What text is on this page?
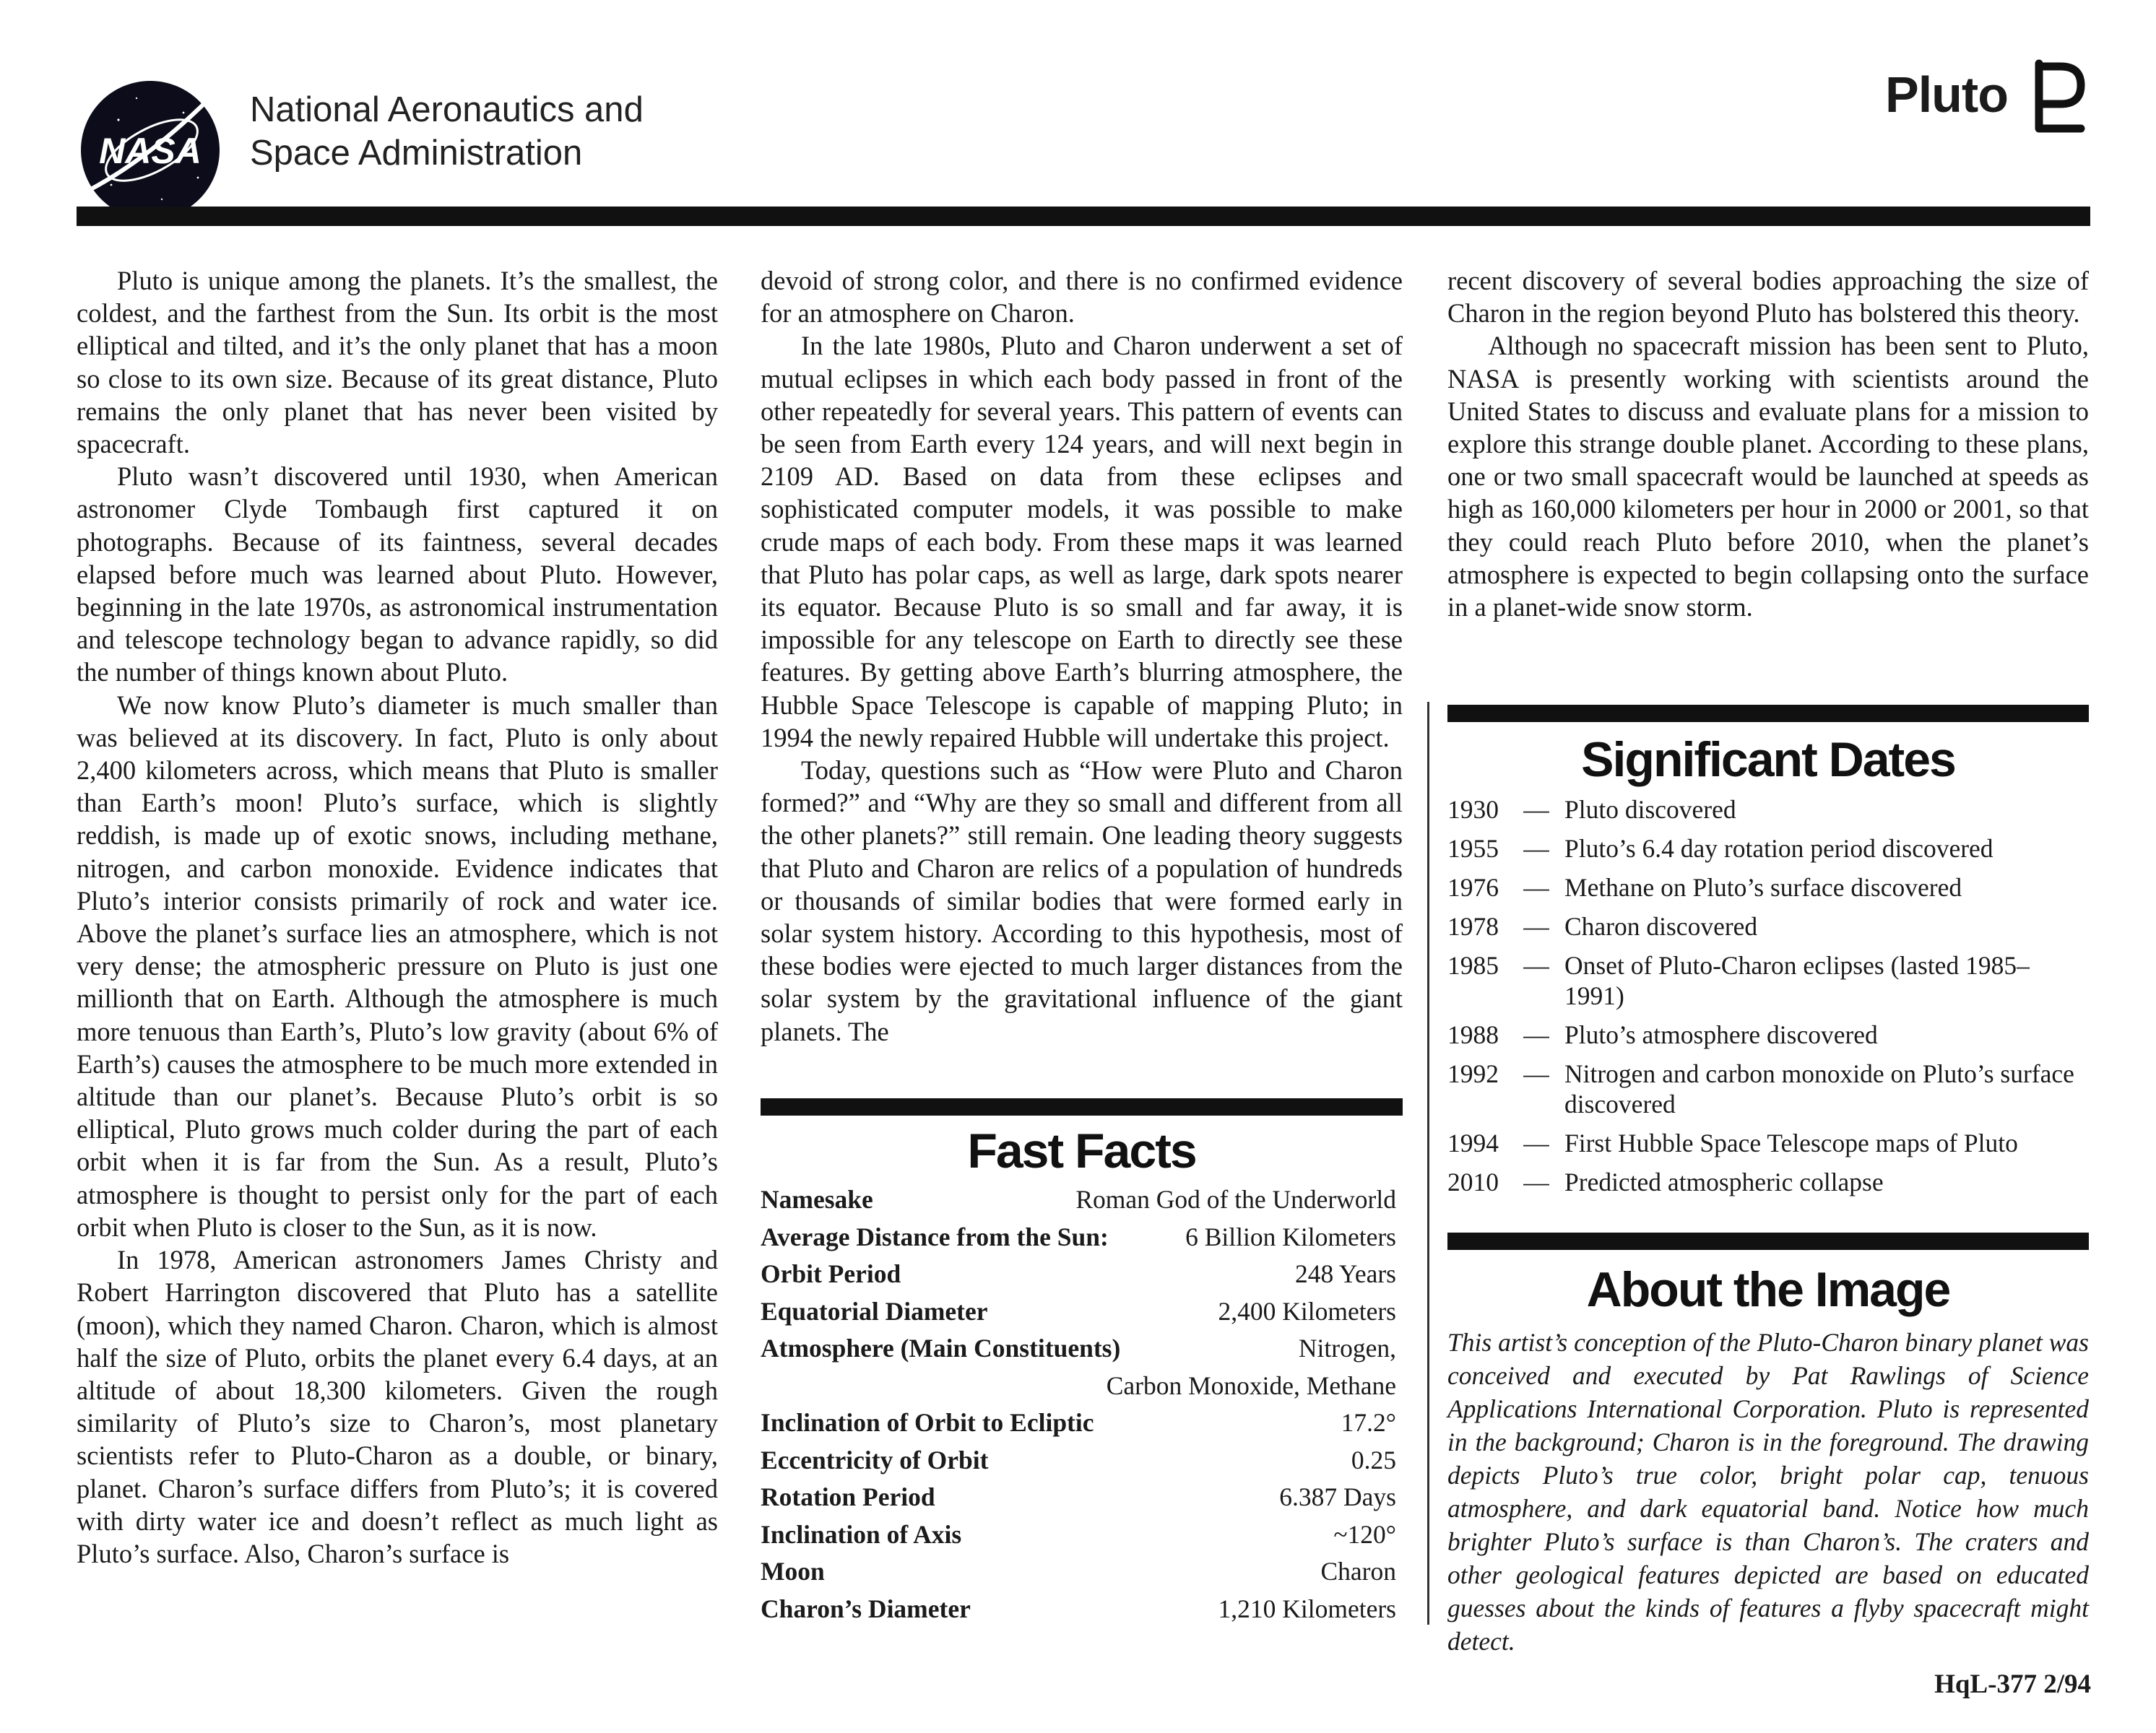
NASA
National Aeronautics and
Space Administration
Pluto

Pluto is unique among the planets. It’s the smallest, the coldest, and the farthest from the Sun. Its orbit is the most elliptical and tilted, and it’s the only planet that has a moon so close to its own size. Because of its great distance, Pluto remains the only planet that has never been visited by spacecraft.

Pluto wasn’t discovered until 1930, when American astronomer Clyde Tombaugh first captured it on photographs. Because of its faintness, several decades elapsed before much was learned about Pluto. However, beginning in the late 1970s, as astronomical instrumentation and telescope technology began to advance rapidly, so did the number of things known about Pluto.

We now know Pluto’s diameter is much smaller than was believed at its discovery. In fact, Pluto is only about 2,400 kilometers across, which means that Pluto is smaller than Earth’s moon! Pluto’s surface, which is slightly reddish, is made up of exotic snows, including methane, nitrogen, and carbon monoxide. Evidence indicates that Pluto’s interior consists primarily of rock and water ice. Above the planet’s surface lies an atmosphere, which is not very dense; the atmospheric pressure on Pluto is just one millionth that on Earth. Although the atmosphere is much more tenuous than Earth’s, Pluto’s low gravity (about 6% of Earth’s) causes the atmosphere to be much more extended in altitude than our planet’s. Because Pluto’s orbit is so elliptical, Pluto grows much colder during the part of each orbit when it is far from the Sun. As a result, Pluto’s atmosphere is thought to persist only for the part of each orbit when Pluto is closer to the Sun, as it is now.

In 1978, American astronomers James Christy and Robert Harrington discovered that Pluto has a satellite (moon), which they named Charon. Charon, which is almost half the size of Pluto, orbits the planet every 6.4 days, at an altitude of about 18,300 kilometers. Given the rough similarity of Pluto’s size to Charon’s, most planetary scientists refer to Pluto-Charon as a double, or binary, planet. Charon’s surface differs from Pluto’s; it is covered with dirty water ice and doesn’t reflect as much light as Pluto’s surface. Also, Charon’s surface is

devoid of strong color, and there is no confirmed evidence for an atmosphere on Charon.

In the late 1980s, Pluto and Charon underwent a set of mutual eclipses in which each body passed in front of the other repeatedly for several years. This pattern of events can be seen from Earth every 124 years, and will next begin in 2109 AD. Based on data from these eclipses and sophisticated computer models, it was possible to make crude maps of each body. From these maps it was learned that Pluto has polar caps, as well as large, dark spots nearer its equator. Because Pluto is so small and far away, it is impossible for any telescope on Earth to directly see these features. By getting above Earth’s blurring atmosphere, the Hubble Space Telescope is capable of mapping Pluto; in 1994 the newly repaired Hubble will undertake this project.

Today, questions such as “How were Pluto and Charon formed?” and “Why are they so small and different from all the other planets?” still remain. One leading theory suggests that Pluto and Charon are relics of a population of hundreds or thousands of similar bodies that were formed early in solar system history. According to this hypothesis, most of these bodies were ejected to much larger distances from the solar system by the gravitational influence of the giant planets. The

Fast Facts
Namesake	Roman God of the Underworld
Average Distance from the Sun:	6 Billion Kilometers
Orbit Period	248 Years
Equatorial Diameter	2,400 Kilometers
Atmosphere (Main Constituents)	Nitrogen,
Carbon Monoxide, Methane
Inclination of Orbit to Ecliptic	17.2°
Eccentricity of Orbit	0.25
Rotation Period	6.387 Days
Inclination of Axis	~120°
Moon	Charon
Charon’s Diameter	1,210 Kilometers

recent discovery of several bodies approaching the size of Charon in the region beyond Pluto has bolstered this theory.

Although no spacecraft mission has been sent to Pluto, NASA is presently working with scientists around the United States to discuss and evaluate plans for a mission to explore this strange double planet. According to these plans, one or two small spacecraft would be launched at speeds as high as 160,000 kilometers per hour in 2000 or 2001, so that they could reach Pluto before 2010, when the planet’s atmosphere is expected to begin collapsing onto the surface in a planet-wide snow storm.

Significant Dates
1930 — Pluto discovered
1955 — Pluto’s 6.4 day rotation period discovered
1976 — Methane on Pluto’s surface discovered
1978 — Charon discovered
1985 — Onset of Pluto-Charon eclipses (lasted 1985–1991)
1988 — Pluto’s atmosphere discovered
1992 — Nitrogen and carbon monoxide on Pluto’s surface discovered
1994 — First Hubble Space Telescope maps of Pluto
2010 — Predicted atmospheric collapse
About the Image
This artist’s conception of the Pluto-Charon binary planet was conceived and executed by Pat Rawlings of Science Applications International Corporation. Pluto is represented in the background; Charon is in the foreground. The drawing depicts Pluto’s true color, bright polar cap, tenuous atmosphere, and dark equatorial band. Notice how much brighter Pluto’s surface is than Charon’s. The craters and other geological features depicted are based on educated guesses about the kinds of features a flyby spacecraft might detect.
HqL-377 2/94
